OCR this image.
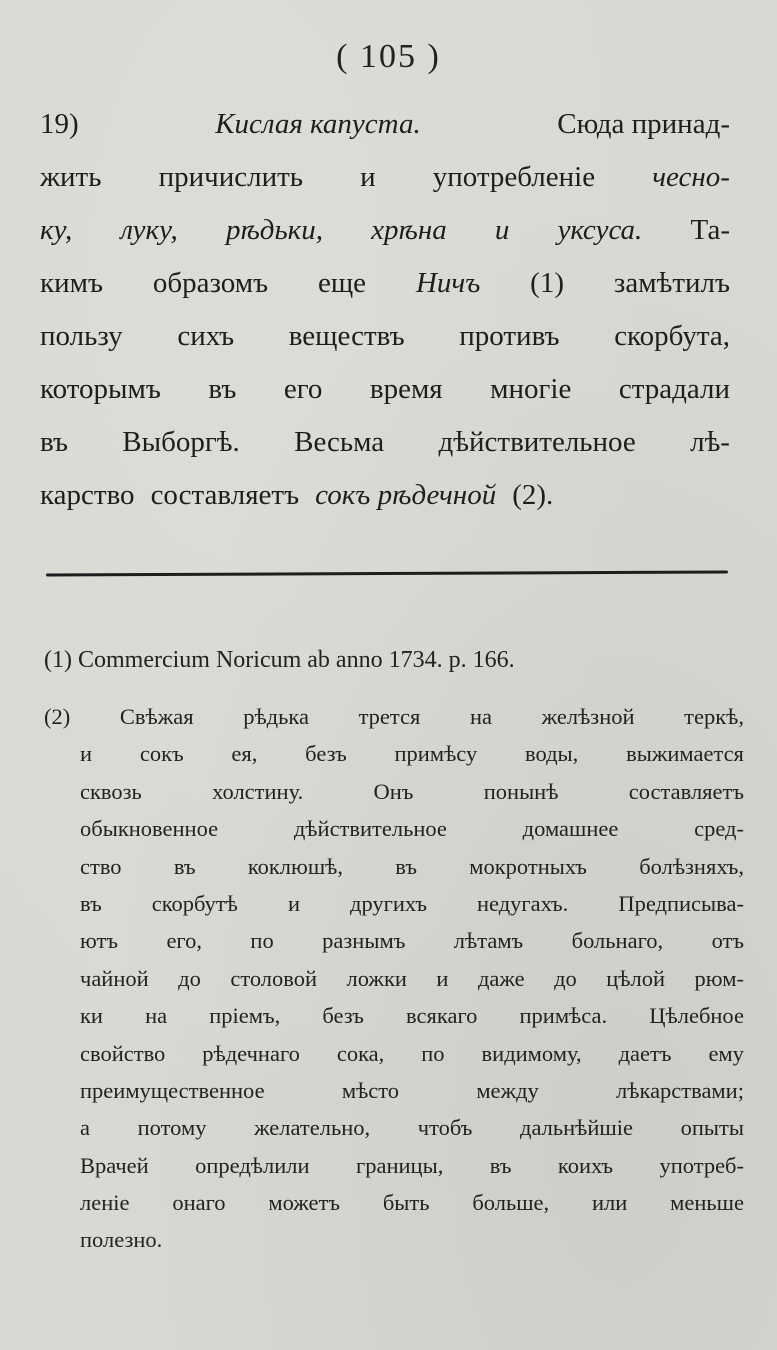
( 105 )
19)	Кислая капуста.	Сюда принад-
жить причислить и употребленіе чесно-
ку, луку, рѣдьки, хрѣна и уксуса. Та-
кимъ образомъ еще Ничъ (1) замѣтилъ
пользу сихъ веществъ противъ скорбута,
которымъ въ его время многіе страдали
въ Выборгѣ. Весьма дѣйствительное лѣ-
карство составляетъ сокъ рѣдечной (2).
(1) Commercium Noricum ab anno 1734. p. 166.
(2) Свѣжая рѣдька трется на желѣзной теркѣ,
и сокъ ея, безъ примѣсу воды, выжимается
сквозь	холстину.	Онъ	понынѣ	составляетъ
обыкновенное	дѣйствительное	домашнее	сред-
ство въ коклюшѣ, въ мокротныхъ болѣзняхъ,
въ скорбутѣ и другихъ недугахъ. Предписыва-
ютъ его, по разнымъ лѣтамъ больнаго, отъ
чайной до столовой ложки и даже до цѣлой рюм-
ки на пріемъ, безъ всякаго примѣса. Цѣлебное
свойство рѣдечнаго сока, по видимому, даетъ ему
преимущественное	мѣсто	между	лѣкарствами;
а потому желательно, чтобъ дальнѣйшіе опыты
Врачей опредѣлили границы, въ коихъ употреб-
леніе онаго можетъ быть больше, или меньше
полезно.
